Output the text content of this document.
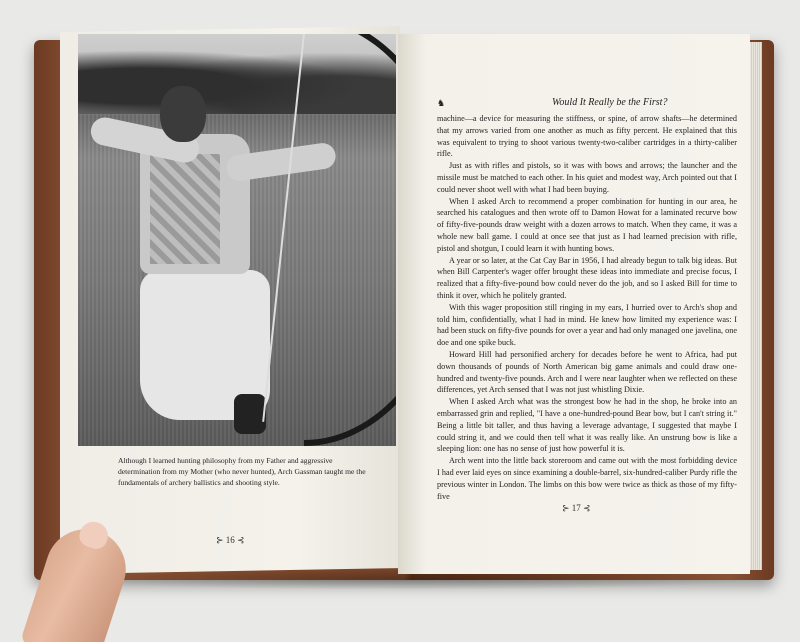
Although I learned hunting philosophy from my Father and aggressive determination from my Mother (who never hunted), Arch Gassman taught me the fundamentals of archery ballistics and shooting style.
⊱ 16 ⊰
♞	Would It Really be the First?

machine—a device for measuring the stiffness, or spine, of arrow shafts—he determined that my arrows varied from one another as much as fifty percent. He explained that this was equivalent to trying to shoot various twenty-two-caliber cartridges in a thirty-caliber rifle.

Just as with rifles and pistols, so it was with bows and arrows; the launcher and the missile must be matched to each other. In his quiet and modest way, Arch pointed out that I could never shoot well with what I had been buying.

When I asked Arch to recommend a proper combination for hunting in our area, he searched his catalogues and then wrote off to Damon Howat for a laminated recurve bow of fifty-five-pounds draw weight with a dozen arrows to match. When they came, it was a whole new ball game. I could at once see that just as I had learned precision with rifle, pistol and shotgun, I could learn it with hunting bows.

A year or so later, at the Cat Cay Bar in 1956, I had already begun to talk big ideas. But when Bill Carpenter's wager offer brought these ideas into immediate and precise focus, I realized that a fifty-five-pound bow could never do the job, and so I asked Bill for time to think it over, which he politely granted.

With this wager proposition still ringing in my ears, I hurried over to Arch's shop and told him, confidentially, what I had in mind. He knew how limited my experience was: I had been stuck on fifty-five pounds for over a year and had only managed one javelina, one doe and one spike buck.

Howard Hill had personified archery for decades before he went to Africa, had put down thousands of pounds of North American big game animals and could draw one-hundred and twenty-five pounds. Arch and I were near laughter when we reflected on these differences, yet Arch sensed that I was not just whistling Dixie.

When I asked Arch what was the strongest bow he had in the shop, he broke into an embarrassed grin and replied, "I have a one-hundred-pound Bear bow, but I can't string it." Being a little bit taller, and thus having a leverage advantage, I suggested that maybe I could string it, and we could then tell what it was really like. An unstrung bow is like a sleeping lion: one has no sense of just how powerful it is.

Arch went into the little back storeroom and came out with the most forbidding device I had ever laid eyes on since examining a double-barrel, six-hundred-caliber Purdy rifle the previous winter in London. The limbs on this bow were twice as thick as those of my fifty-five

⊱ 17 ⊰
